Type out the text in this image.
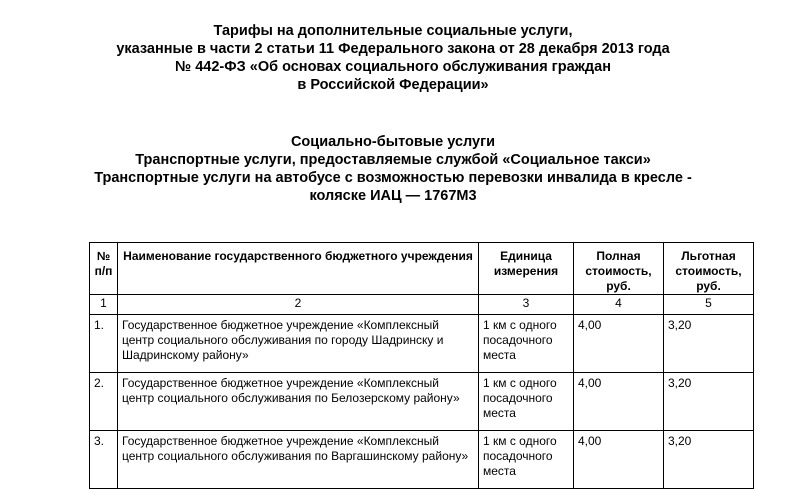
Тарифы на дополнительные социальные услуги,
указанные в части 2 статьи 11 Федерального закона от 28 декабря 2013 года
№ 442-ФЗ «Об основах социального обслуживания граждан
в Российской Федерации»
Социально-бытовые услуги
Транспортные услуги, предоставляемые службой «Социальное такси»
Транспортные услуги на автобусе с возможностью перевозки инвалида в кресле -
коляске ИАЦ — 1767М3
№ п/п	Наименование государственного бюджетного учреждения	Единица измерения	Полная стоимость, руб.	Льготная стоимость, руб.
1	2	3	4	5
1.	Государственное бюджетное учреждение «Комплексный центр социального обслуживания по городу Шадринску и Шадринскому району»	1 км с одного посадочного места	4,00	3,20
2.	Государственное бюджетное учреждение «Комплексный центр социального обслуживания по Белозерскому району»	1 км с одного посадочного места	4,00	3,20
3.	Государственное бюджетное учреждение «Комплексный центр социального обслуживания по Варгашинскому району»	1 км с одного посадочного места	4,00	3,20
